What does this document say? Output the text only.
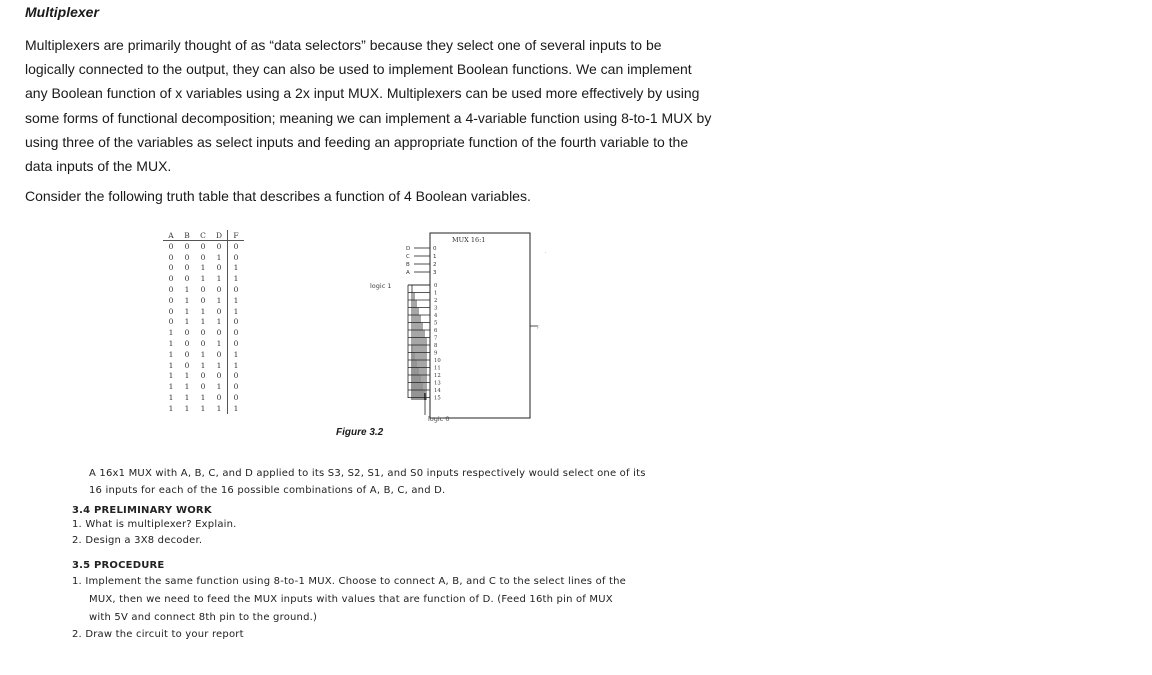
Multiplexer
Multiplexers are primarily thought of as “data selectors” because they select one of several inputs to be logically connected to the output, they can also be used to implement Boolean functions. We can implement any Boolean function of x variables using a 2x input MUX. Multiplexers can be used more effectively by using some forms of functional decomposition; meaning we can implement a 4-variable function using 8-to-1 MUX by using three of the variables as select inputs and feeding an appropriate function of the fourth variable to the data inputs of the MUX.
Consider the following truth table that describes a function of 4 Boolean variables.
A	B	C	D	F
0	0	0	0	0
0	0	0	1	0
0	0	1	0	1
0	0	1	1	1
0	1	0	0	0
0	1	0	1	1
0	1	1	0	1
0	1	1	1	0
1	0	0	0	0
1	0	0	1	0
1	0	1	0	1
1	0	1	1	1
1	1	0	0	0
1	1	0	1	0
1	1	1	0	0
1	1	1	1	1
MUX 16:1
D	0
C	1
B	2
A	3
logic 1	0
1
2
3
4
5
6
7
8
9
10
11
12
13
14
15
logic 0
F
.
Figure 3.2
A 16x1 MUX with A, B, C, and D applied to its S3, S2, S1, and S0 inputs respectively would select one of its
16 inputs for each of the 16 possible combinations of A, B, C, and D.
3.4 PRELIMINARY WORK
1. What is multiplexer? Explain.
2. Design a 3X8 decoder.
3.5 PROCEDURE
1. Implement the same function using 8-to-1 MUX. Choose to connect A, B, and C to the select lines of the
MUX, then we need to feed the MUX inputs with values that are function of D. (Feed 16th pin of MUX
with 5V and connect 8th pin to the ground.)
2. Draw the circuit to your report
